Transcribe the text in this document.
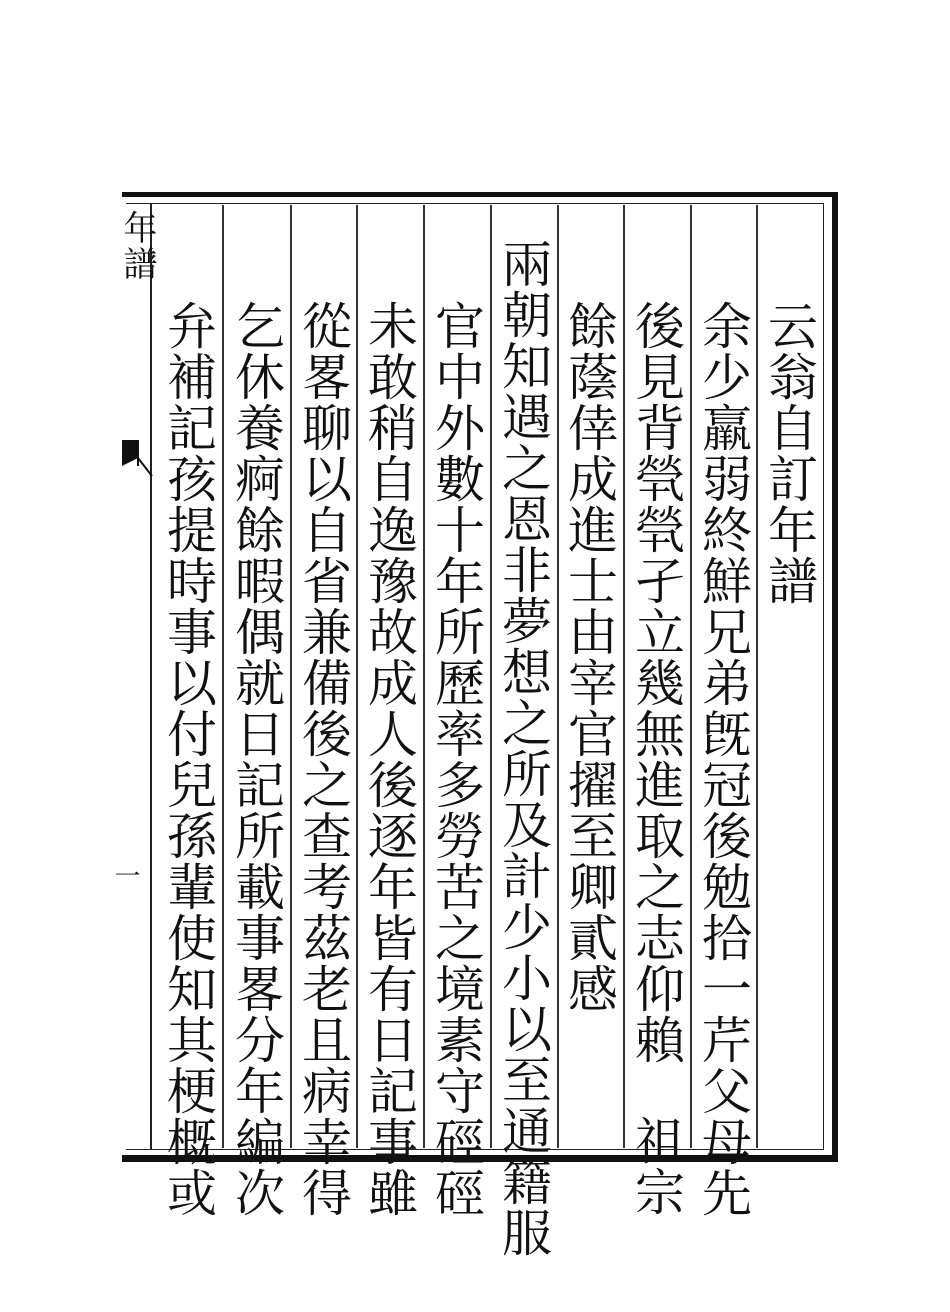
年譜
一
云翁自訂年譜
余少羸弱終鮮兄弟旣冠後勉拾一芹父母先
後見背煢煢孑立幾無進取之志仰賴祖宗
餘蔭倖成進士由宰官擢至卿貳感
兩朝知遇之恩非夢想之所及計少小以至通籍服
官中外數十年所歷率多勞苦之境素守硜硜
未敢稍自逸豫故成人後逐年皆有日記事雖
從畧聊以自省兼備後之查考茲老且病幸得
乞休養痾餘暇偶就日記所載事畧分年編次
弁補記孩提時事以付兒孫輩使知其梗概或
